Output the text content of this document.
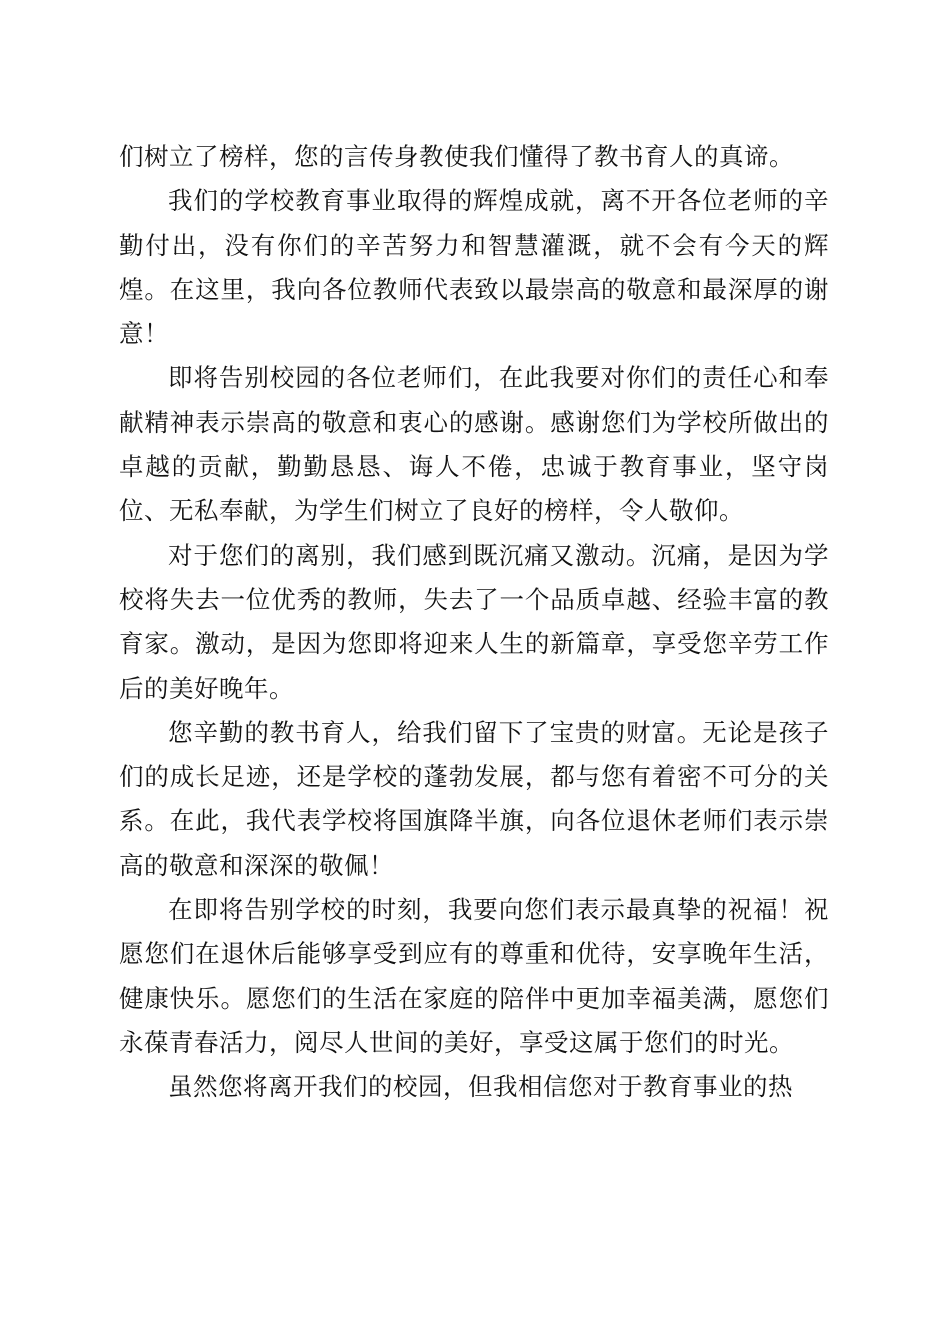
们树立了榜样，您的言传身教使我们懂得了教书育人的真谛。

我们的学校教育事业取得的辉煌成就，离不开各位老师的辛勤付出，没有你们的辛苦努力和智慧灌溉，就不会有今天的辉煌。在这里，我向各位教师代表致以最崇高的敬意和最深厚的谢意！

即将告别校园的各位老师们，在此我要对你们的责任心和奉献精神表示崇高的敬意和衷心的感谢。感谢您们为学校所做出的卓越的贡献，勤勤恳恳、诲人不倦，忠诚于教育事业，坚守岗位、无私奉献，为学生们树立了良好的榜样，令人敬仰。

对于您们的离别，我们感到既沉痛又激动。沉痛，是因为学校将失去一位优秀的教师，失去了一个品质卓越、经验丰富的教育家。激动，是因为您即将迎来人生的新篇章，享受您辛劳工作后的美好晚年。

您辛勤的教书育人，给我们留下了宝贵的财富。无论是孩子们的成长足迹，还是学校的蓬勃发展，都与您有着密不可分的关系。在此，我代表学校将国旗降半旗，向各位退休老师们表示崇高的敬意和深深的敬佩！

在即将告别学校的时刻，我要向您们表示最真挚的祝福！祝愿您们在退休后能够享受到应有的尊重和优待，安享晚年生活，健康快乐。愿您们的生活在家庭的陪伴中更加幸福美满，愿您们永葆青春活力，阅尽人世间的美好，享受这属于您们的时光。

虽然您将离开我们的校园，但我相信您对于教育事业的热
